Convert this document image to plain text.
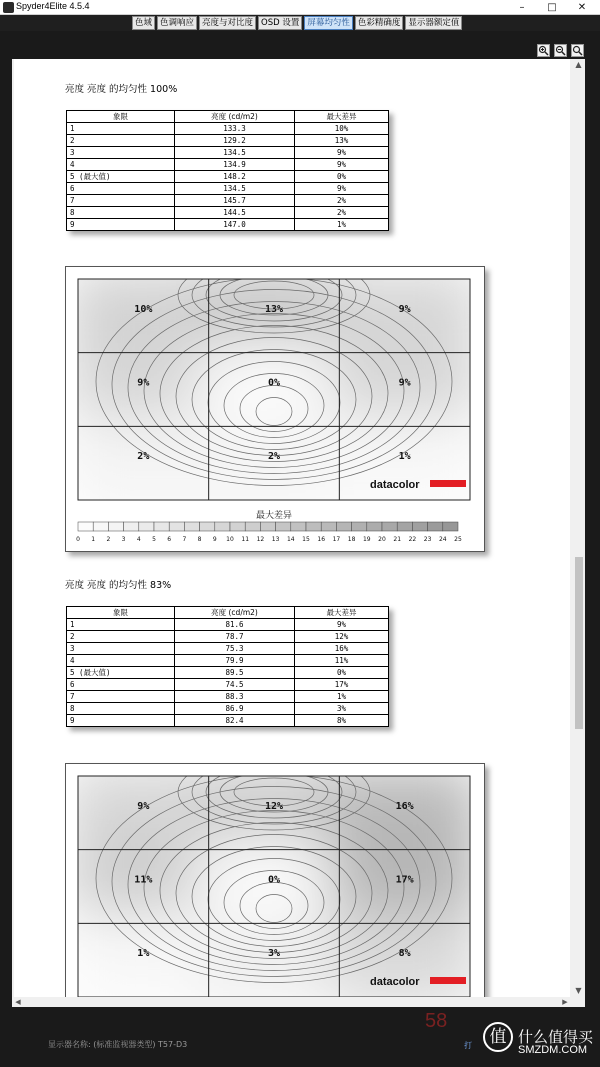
Spyder4Elite 4.5.4	–	□	✕
色域 色调响应 亮度与对比度 OSD 设置 屏幕均匀性 色彩精确度 显示器额定值
亮度 亮度 的均匀性 100%
象限	亮度 (cd/m2)	最大差异
1	133.3	10%
2	129.2	13%
3	134.5	9%
4	134.9	9%
5 (最大值)	148.2	0%
6	134.5	9%
7	145.7	2%
8	144.5	2%
9	147.0	1%
10%	13%	9%
9%	0%	9%
2%	2%	1%
datacolor
最大差异
0 1 2 3 4 5 6 7 8 9 10 11 12 13 14 15 16 17 18 19 20 21 22 23 24 25
亮度 亮度 的均匀性 83%
象限	亮度 (cd/m2)	最大差异
1	81.6	9%
2	78.7	12%
3	75.3	16%
4	79.9	11%
5 (最大值)	89.5	0%
6	74.5	17%
7	88.3	1%
8	86.9	3%
9	82.4	8%
9%	12%	16%
11%	0%	17%
1%	3%	8%
datacolor
▲
▼
◀	▶
显示器名称: (标准监视器类型) T57-D3	打
58
值 什么值得买
SMZDM.COM
